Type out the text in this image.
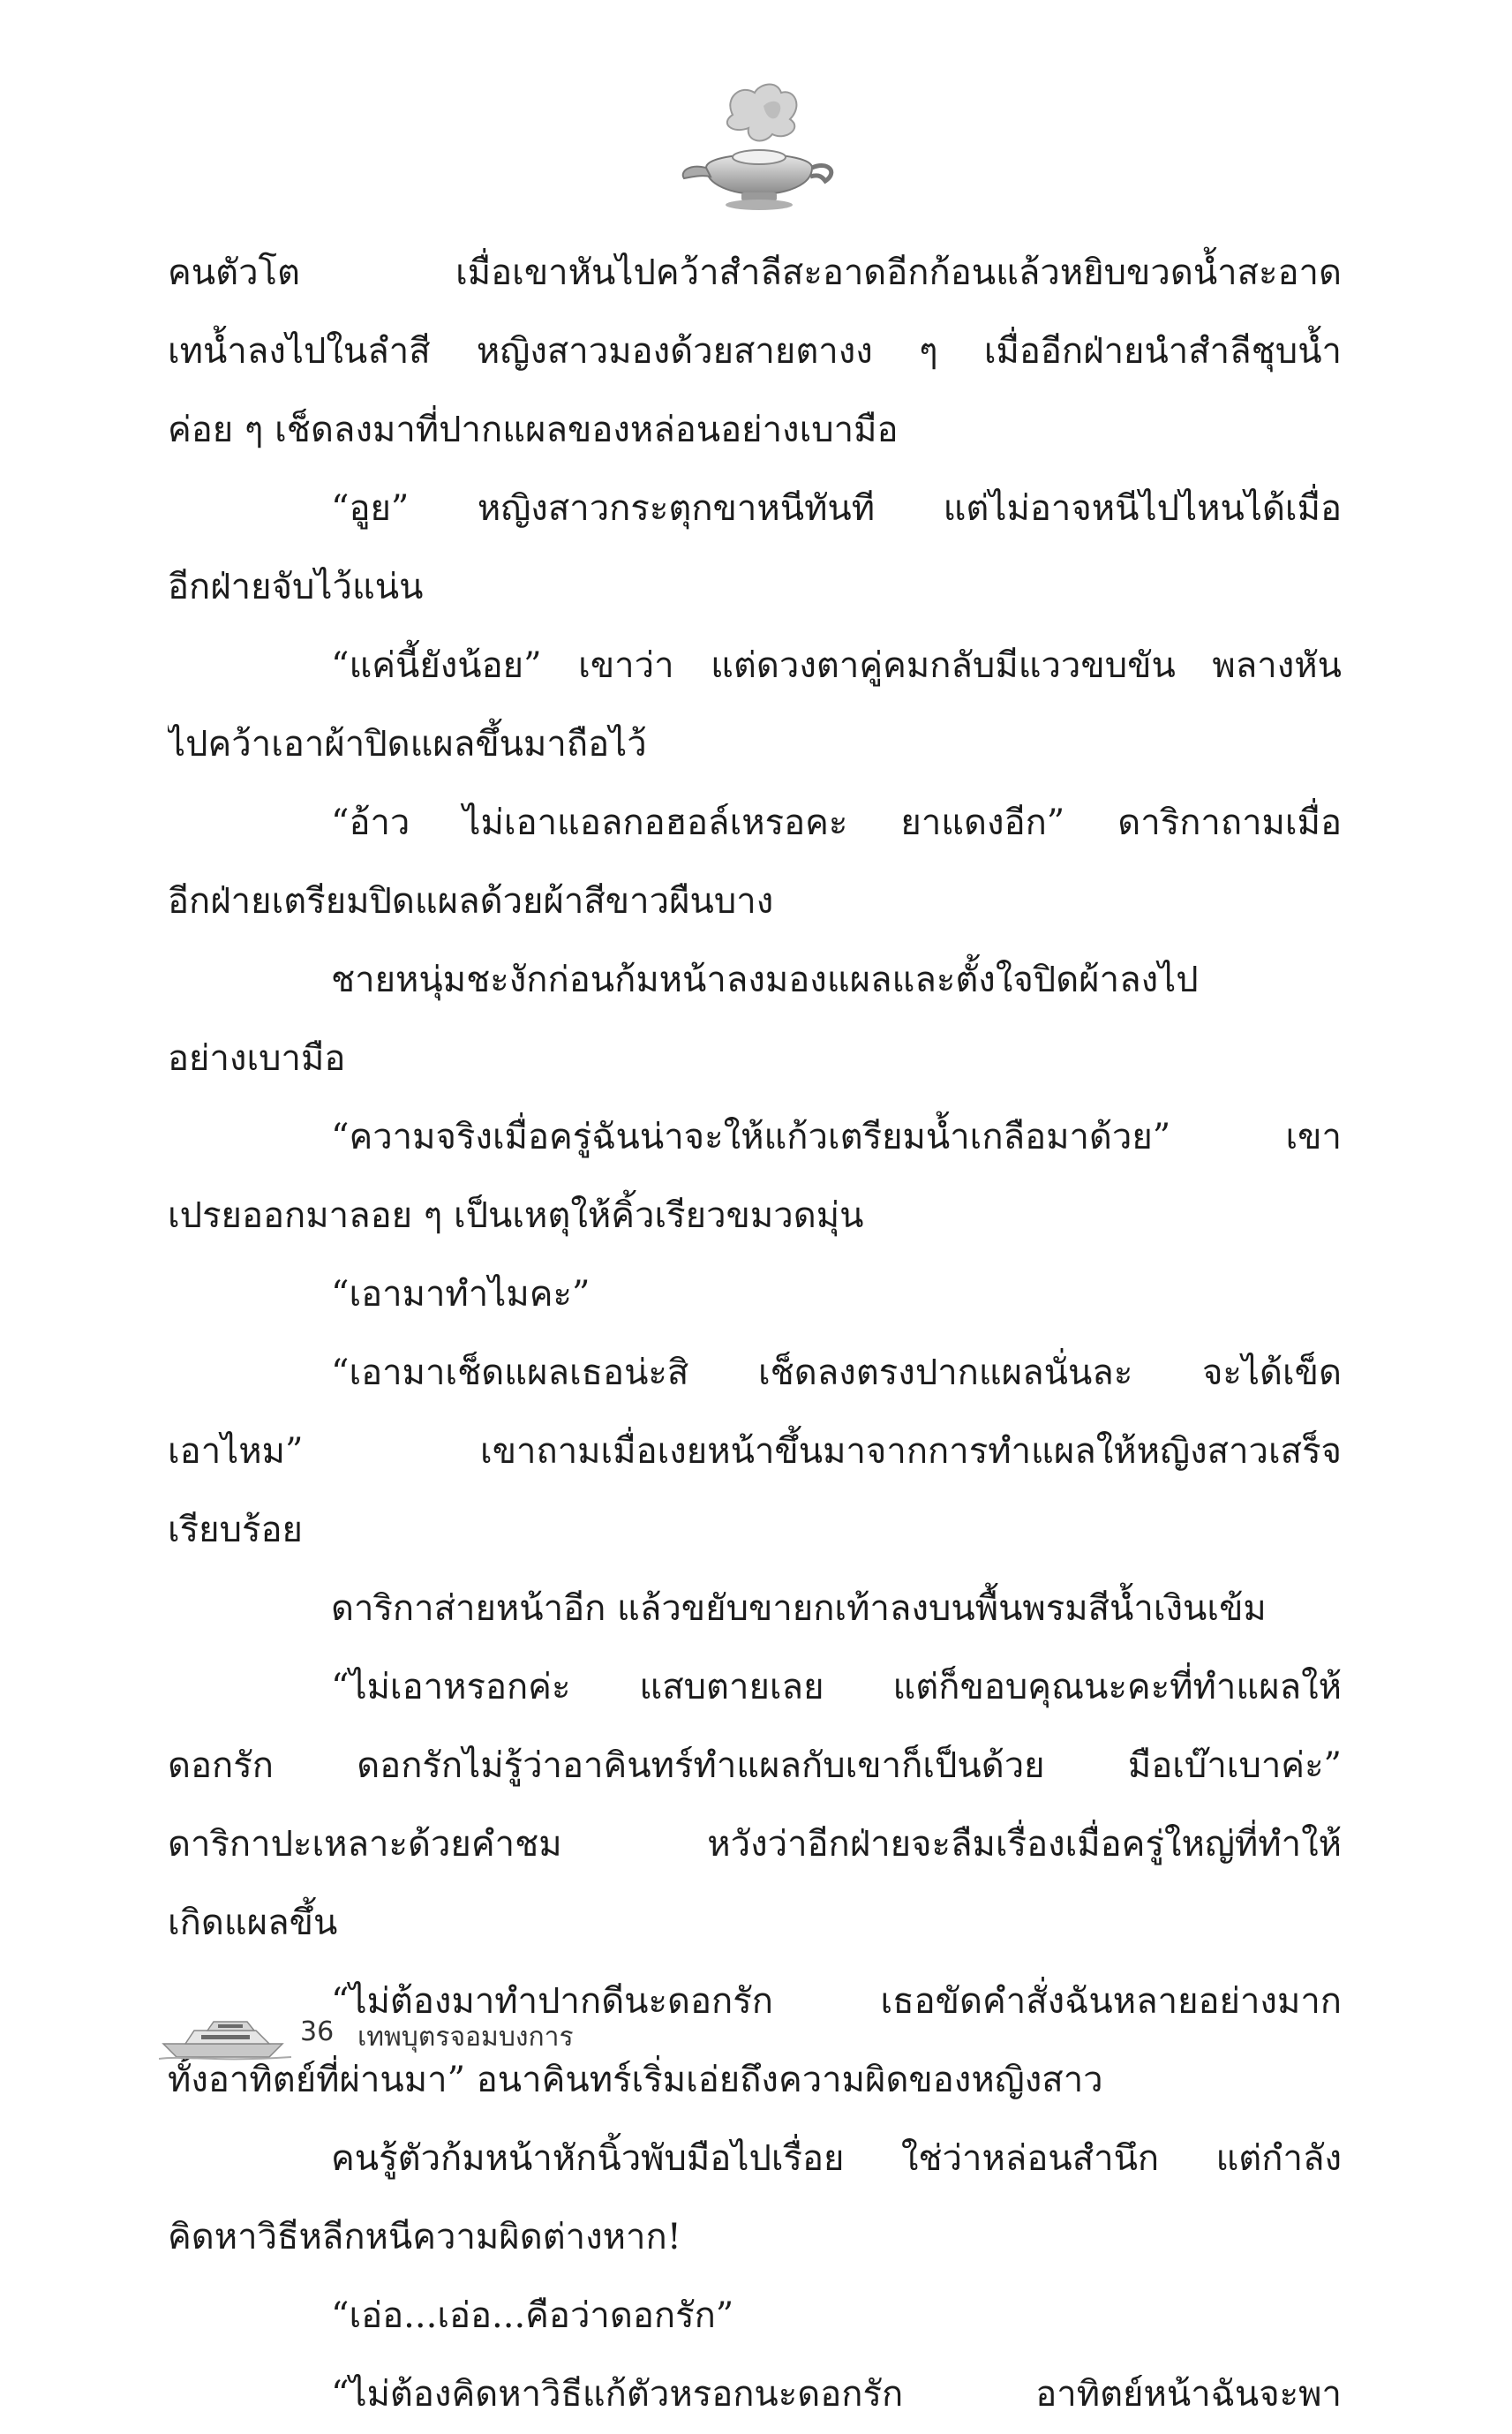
คนตัวโต เมื่อเขาหันไปคว้าสำลีสะอาดอีกก้อนแล้วหยิบขวดน้ำสะอาด
เทน้ำลงไปในลำสี หญิงสาวมองด้วยสายตางง ๆ เมื่ออีกฝ่ายนำสำลีชุบน้ำ
ค่อย ๆ เช็ดลงมาที่ปากแผลของหล่อนอย่างเบามือ
“อูย” หญิงสาวกระตุกขาหนีทันที แต่ไม่อาจหนีไปไหนได้เมื่อ
อีกฝ่ายจับไว้แน่น
“แค่นี้ยังน้อย” เขาว่า แต่ดวงตาคู่คมกลับมีแววขบขัน พลางหัน
ไปคว้าเอาผ้าปิดแผลขึ้นมาถือไว้
“อ้าว ไม่เอาแอลกอฮอล์เหรอคะ ยาแดงอีก” ดาริกาถามเมื่อ
อีกฝ่ายเตรียมปิดแผลด้วยผ้าสีขาวผืนบาง
ชายหนุ่มชะงักก่อนก้มหน้าลงมองแผลและตั้งใจปิดผ้าลงไป
อย่างเบามือ
“ความจริงเมื่อครู่ฉันน่าจะให้แก้วเตรียมน้ำเกลือมาด้วย” เขา
เปรยออกมาลอย ๆ เป็นเหตุให้คิ้วเรียวขมวดมุ่น
“เอามาทำไมคะ”
“เอามาเช็ดแผลเธอน่ะสิ เช็ดลงตรงปากแผลนั่นละ จะได้เข็ด
เอาไหม” เขาถามเมื่อเงยหน้าขึ้นมาจากการทำแผลให้หญิงสาวเสร็จ
เรียบร้อย
ดาริกาส่ายหน้าอีก แล้วขยับขายกเท้าลงบนพื้นพรมสีน้ำเงินเข้ม
“ไม่เอาหรอกค่ะ แสบตายเลย แต่ก็ขอบคุณนะคะที่ทำแผลให้
ดอกรัก ดอกรักไม่รู้ว่าอาคินทร์ทำแผลกับเขาก็เป็นด้วย มือเบ๊าเบาค่ะ”
ดาริกาปะเหลาะด้วยคำชม หวังว่าอีกฝ่ายจะลืมเรื่องเมื่อครู่ใหญ่ที่ทำให้
เกิดแผลขึ้น
“ไม่ต้องมาทำปากดีนะดอกรัก เธอขัดคำสั่งฉันหลายอย่างมาก
ทั้งอาทิตย์ที่ผ่านมา” อนาคินทร์เริ่มเอ่ยถึงความผิดของหญิงสาว
คนรู้ตัวก้มหน้าหักนิ้วพับมือไปเรื่อย ใช่ว่าหล่อนสำนึก แต่กำลัง
คิดหาวิธีหลีกหนีความผิดต่างหาก!
“เอ่อ...เอ่อ...คือว่าดอกรัก”
“ไม่ต้องคิดหาวิธีแก้ตัวหรอกนะดอกรัก อาทิตย์หน้าฉันจะพา
36 เทพบุตรจอมบงการ
